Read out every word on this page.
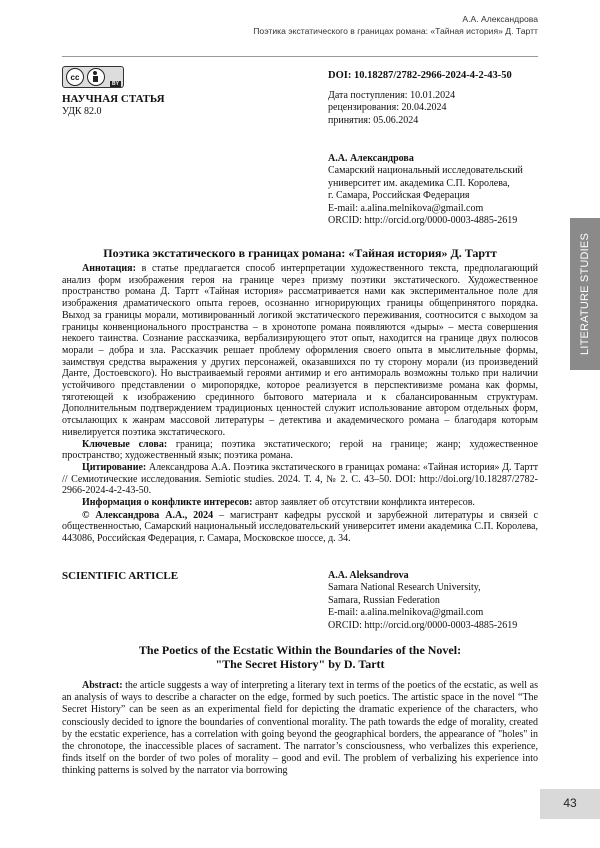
А.А. Александрова
Поэтика экстатического в границах романа: «Тайная история» Д. Тартт
cc
BY
DOI: 10.18287/2782-2966-2024-4-2-43-50
НАУЧНАЯ СТАТЬЯ
УДК 82.0
Дата поступления: 10.01.2024
рецензирования: 20.04.2024
принятия: 05.06.2024
А.А. Александрова
Самарский национальный исследовательский
университет им. академика С.П. Королева,
г. Самара, Российская Федерация
E-mail: a.alina.melnikova@gmail.com
ORCID: http://orcid.org/0000-0003-4885-2619
LITERATURE STUDIES
Поэтика экстатического в границах романа: «Тайная история» Д. Тартт

Аннотация: в статье предлагается способ интерпретации художественного текста, предполагающий анализ форм изображения героя на границе через призму поэтики экстатического. Художественное пространство романа Д. Тартт «Тайная история» рассматривается нами как экспериментальное поле для изображения драматического опыта героев, осознанно игнорирующих границы общепринятого порядка. Выход за границы морали, мотивированный логикой экстатического переживания, соотносится с выходом за границы конвенционального пространства – в хронотопе романа появляются «дыры» – места совершения некоего таинства. Сознание рассказчика, вербализирующего этот опыт, находится на границе двух полюсов морали – добра и зла. Рассказчик решает проблему оформления своего опыта в мыслительные формы, заимствуя средства выражения у других персонажей, оказавшихся по ту сторону морали (из произведений Данте, Достоевского). Но выстраиваемый героями антимир и его антимораль возможны только при наличии устойчивого представлении о миропорядке, которое реализуется в перспективизме романа как формы, тяготеющей к изображению срединного бытового материала и к сбалансированным структурам. Дополнительным подтверждением традиционых ценностей служит использование автором отдельных форм, отсылающих к жанрам массовой литературы – детектива и академического романа – благодаря которым нивелируется поэтика экстатического.

Ключевые слова: граница; поэтика экстатического; герой на границе; жанр; художественное пространство; художественный язык; поэтика романа.

Цитирование: Александрова А.А. Поэтика экстатического в границах романа: «Тайная история» Д. Тартт // Семиотические исследования. Semiotic studies. 2024. Т. 4, № 2. С. 43–50. DOI: http://doi.org/10.18287/2782-2966-2024-4-2-43-50.

Информация о конфликте интересов: автор заявляет об отсутствии конфликта интересов.

© Александрова А.А., 2024 – магистрант кафедры русской и зарубежной литературы и связей с общественностью, Самарский национальный исследовательский университет имени академика С.П. Королева, 443086, Российская Федерация, г. Самара, Московское шоссе, д. 34.

SCIENTIFIC ARTICLE	A.A. Aleksandrova
Samara National Research University,
Samara, Russian Federation
E-mail: a.alina.melnikova@gmail.com
ORCID: http://orcid.org/0000-0003-4885-2619
The Poetics of the Ecstatic Within the Boundaries of the Novel:
"The Secret History" by D. Tartt

Abstract: the article suggests a way of interpreting a literary text in terms of the poetics of the ecstatic, as well as an analysis of ways to describe a character on the edge, formed by such poetics. The artistic space in the novel “The Secret History” can be seen as an experimental field for depicting the dramatic experience of the characters, who consciously decided to ignore the boundaries of conventional morality. The path towards the edge of morality, created by the ecstatic experience, has a correlation with going beyond the geographical borders, the appearance of "holes" in the chronotope, the inaccessible places of sacrament. The narrator’s consciousness, who verbalizes this experience, finds itself on the border of two poles of morality – good and evil. The problem of verbalizing his experience into thinking patterns is solved by the narrator via borrowing

43
